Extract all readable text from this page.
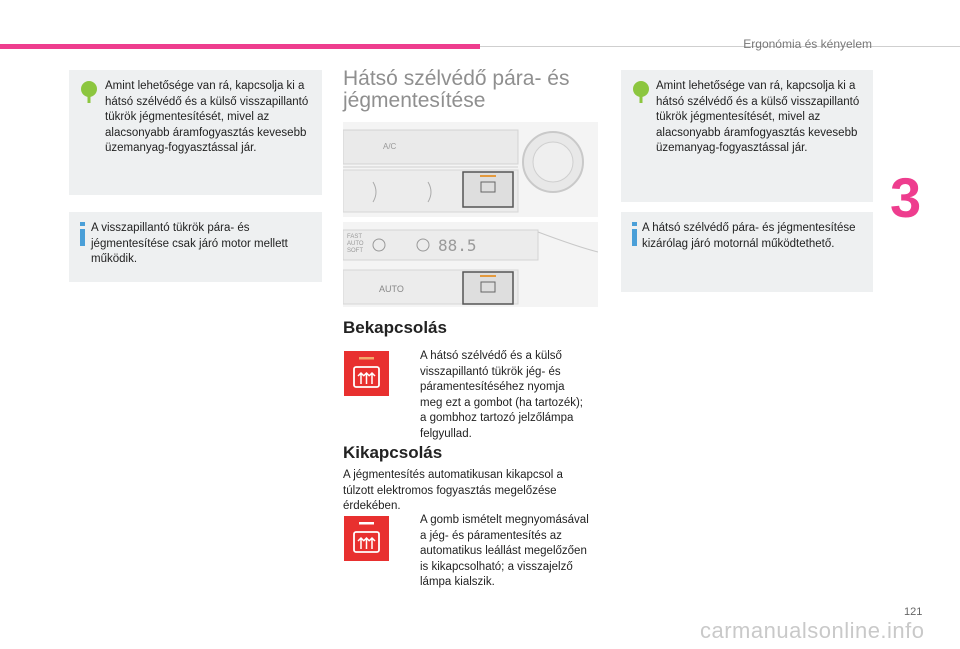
Ergonómia és kényelem
3
121
carmanualsonline.info
Amint lehetősége van rá, kapcsolja ki a hátsó szélvédő és a külső visszapillantó tükrök jégmentesítését, mivel az alacsonyabb áramfogyasztás kevesebb üzemanyag-fogyasztással jár.
A visszapillantó tükrök pára- és jégmentesítése csak járó motor mellett működik.
Hátsó szélvédő pára- és jégmentesítése
A/C
FAST
AUTO
SOFT	88.5
AUTO
Bekapcsolás
A hátsó szélvédő és a külső visszapillantó tükrök jég- és páramentesítéséhez nyomja meg ezt a gombot (ha tartozék); a gombhoz tartozó jelzőlámpa felgyullad.
Kikapcsolás
A jégmentesítés automatikusan kikapcsol a túlzott elektromos fogyasztás megelőzése érdekében.
A gomb ismételt megnyomásával a jég- és páramentesítés az automatikus leállást megelőzően is kikapcsolható; a visszajelző lámpa kialszik.
Amint lehetősége van rá, kapcsolja ki a hátsó szélvédő és a külső visszapillantó tükrök jégmentesítését, mivel az alacsonyabb áramfogyasztás kevesebb üzemanyag-fogyasztással jár.
A hátsó szélvédő pára- és jégmentesítése kizárólag járó motornál működtethető.
